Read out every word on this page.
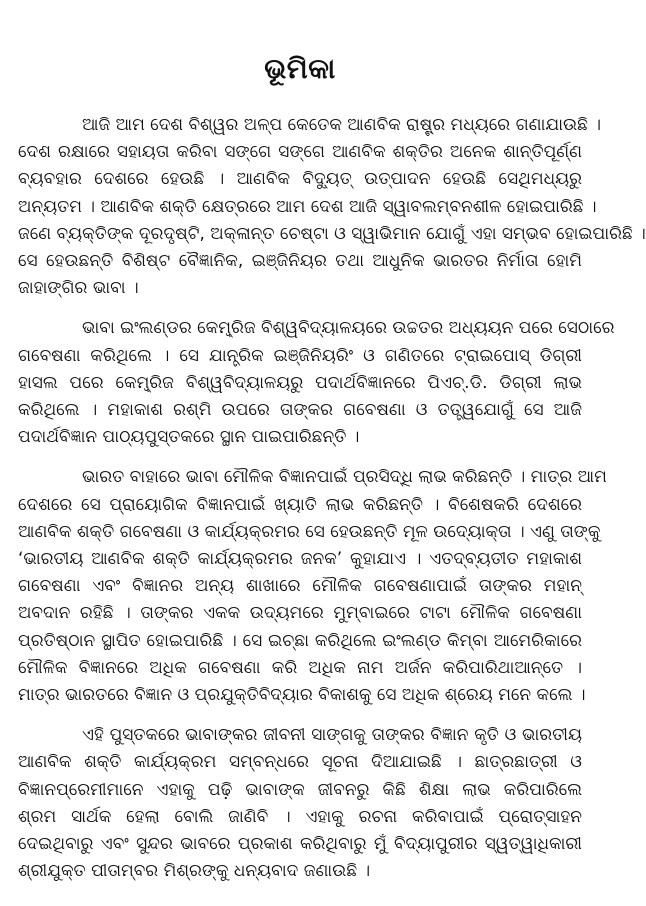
ଭୂମିକା
ଆଜି ଆମ ଦେଶ ବିଶ୍ୱର ଅଳ୍ପ କେତେକ ଆଣବିକ ରାଷ୍ଟ୍ର ମଧ୍ୟରେ ଗଣାଯାଉଛି ।
ଦେଶ ରକ୍ଷାରେ ସହାୟତା କରିବା ସଙ୍ଗେ ସଙ୍ଗେ ଆଣବିକ ଶକ୍ତିର ଅନେକ ଶାନ୍ତିପୂର୍ଣ୍ଣ
ବ୍ୟବହାର ଦେଶରେ ହେଉଛି । ଆଣବିକ ବିଦ୍ୟୁତ୍ ଉତ୍ପାଦନ ହେଉଛି ସେଥିମଧ୍ୟରୁ
ଅନ୍ୟତମ । ଆଣବିକ ଶକ୍ତି କ୍ଷେତ୍ରରେ ଆମ ଦେଶ ଆଜି ସ୍ୱାବଲମ୍ବନଶୀଳ ହୋଇପାରିଛି ।
ଜଣେ ବ୍ୟକ୍ତିଙ୍କ ଦୂରଦୃଷ୍ଟି, ଅକ୍ଳାନ୍ତ ଚେଷ୍ଟା ଓ ସ୍ୱାଭିମାନ ଯୋଗୁଁ ଏହା ସମ୍ଭବ ହୋଇପାରିଛି ।
ସେ ହେଉଛନ୍ତି ବିଶିଷ୍ଟ ବୈଜ୍ଞାନିକ, ଇଞ୍ଜିନିୟର ତଥା ଆଧୁନିକ ଭାରତର ନିର୍ମାତା ହୋମି
ଜାହାଙ୍ଗିର ଭାବା ।
ଭାବା ଇଂଲଣ୍ଡର କେମ୍ବ୍ରିଜ ବିଶ୍ୱବିଦ୍ୟାଳୟରେ ଉଚ୍ଚତର ଅଧ୍ୟୟନ ପରେ ସେଠାରେ
ଗବେଷଣା କରିଥିଲେ । ସେ ଯାନ୍ତ୍ରିକ ଇଞ୍ଜିନିୟରିଂ ଓ ଗଣିତରେ ଟ୍ରାଇପୋସ୍ ଡିଗ୍ରୀ
ହାସଲ ପରେ କେମ୍ବ୍ରିଜ ବିଶ୍ୱବିଦ୍ୟାଳୟରୁ ପଦାର୍ଥବିଜ୍ଞାନରେ ପିଏଚ୍.ଡି. ଡିଗ୍ରୀ ଲାଭ
କରିଥିଲେ । ମହାକାଶ ରଶ୍ମି ଉପରେ ତାଙ୍କର ଗବେଷଣା ଓ ତତ୍ତ୍ୱଯୋଗୁଁ ସେ ଆଜି
ପଦାର୍ଥବିଜ୍ଞାନ ପାଠ୍ୟପୁସ୍ତକରେ ସ୍ଥାନ ପାଇପାରିଛନ୍ତି ।
ଭାରତ ବାହାରେ ଭାବା ମୌଳିକ ବିଜ୍ଞାନପାଇଁ ପ୍ରସିଦ୍ଧି ଲାଭ କରିଛନ୍ତି । ମାତ୍ର ଆମ
ଦେଶରେ ସେ ପ୍ରାୟୋଗିକ ବିଜ୍ଞାନପାଇଁ ଖ୍ୟାତି ଲାଭ କରିଛନ୍ତି । ବିଶେଷକରି ଦେଶରେ
ଆଣବିକ ଶକ୍ତି ଗବେଷଣା ଓ କାର୍ଯ୍ୟକ୍ରମର ସେ ହେଉଛନ୍ତି ମୂଳ ଉଦ୍ୟୋକ୍ତା । ଏଣୁ ତାଙ୍କୁ
‘ଭାରତୀୟ ଆଣବିକ ଶକ୍ତି କାର୍ଯ୍ୟକ୍ରମର ଜନକ’ କୁହାଯାଏ । ଏତଦ୍‌ବ୍ୟତୀତ ମହାକାଶ
ଗବେଷଣା ଏବଂ ବିଜ୍ଞାନର ଅନ୍ୟ ଶାଖାରେ ମୌଳିକ ଗବେଷଣାପାଇଁ ତାଙ୍କର ମହାନ୍
ଅବଦାନ ରହିଛି । ତାଙ୍କର ଏକକ ଉଦ୍ୟମରେ ମୁମ୍ବାଇରେ ଟାଟା ମୌଳିକ ଗବେଷଣା
ପ୍ରତିଷ୍ଠାନ ସ୍ଥାପିତ ହୋଇପାରିଛି । ସେ ଇଚ୍ଛା କରିଥିଲେ ଇଂଲଣ୍ଡ କିମ୍ବା ଆମେରିକାରେ
ମୌଳିକ ବିଜ୍ଞାନରେ ଅଧିକ ଗବେଷଣା କରି ଅଧିକ ନାମ ଅର୍ଜନ କରିପାରିଥାଆନ୍ତେ ।
ମାତ୍ର ଭାରତରେ ବିଜ୍ଞାନ ଓ ପ୍ରଯୁକ୍ତିବିଦ୍ୟାର ବିକାଶକୁ ସେ ଅଧିକ ଶ୍ରେୟ ମନେ କଲେ ।
ଏହି ପୁସ୍ତକରେ ଭାବାଙ୍କର ଜୀବନୀ ସାଙ୍ଗକୁ ତାଙ୍କର ବିଜ୍ଞାନ କୃତି ଓ ଭାରତୀୟ
ଆଣବିକ ଶକ୍ତି କାର୍ଯ୍ୟକ୍ରମ ସମ୍ବନ୍ଧରେ ସୂଚନା ଦିଆଯାଇଛି । ଛାତ୍ରଛାତ୍ରୀ ଓ
ବିଜ୍ଞାନପ୍ରେମୀମାନେ ଏହାକୁ ପଢ଼ି ଭାବାଙ୍କ ଜୀବନରୁ କିଛି ଶିକ୍ଷା ଲାଭ କରିପାରିଲେ
ଶ୍ରମ ସାର୍ଥକ ହେଲା ବୋଲି ଜାଣିବି । ଏହାକୁ ରଚନା କରିବାପାଇଁ ପ୍ରୋତ୍ସାହନ
ଦେଇଥିବାରୁ ଏବଂ ସୁନ୍ଦର ଭାବରେ ପ୍ରକାଶ କରିଥିବାରୁ ମୁଁ ବିଦ୍ୟାପୁରୀର ସ୍ୱତ୍ୱାଧିକାରୀ
ଶ୍ରୀଯୁକ୍ତ ପୀତାମ୍ବର ମିଶ୍ରଙ୍କୁ ଧନ୍ୟବାଦ ଜଣାଉଛି ।
